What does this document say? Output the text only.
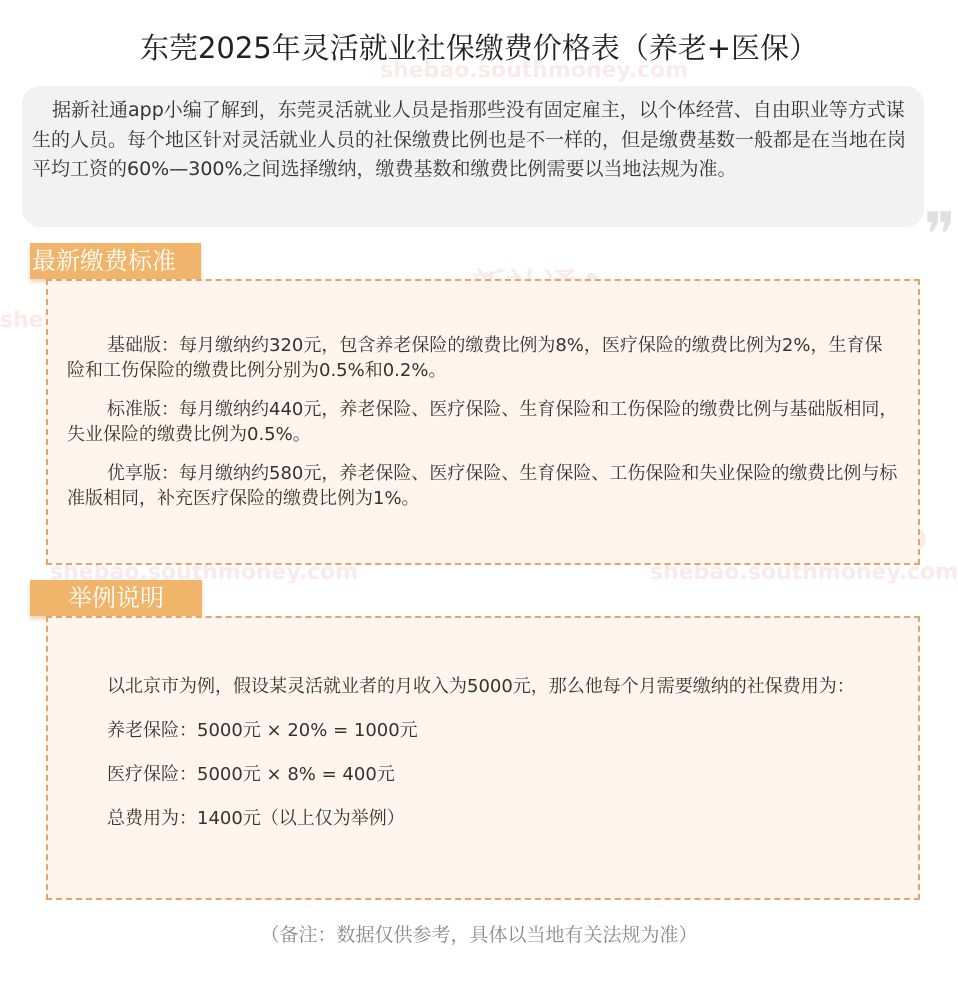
shebao.southmoney.com	shebao.southmoney.com
shebao.southmoney.com
东莞2025年灵活就业社保缴费价格表（养老+医保）

据新社通app小编了解到，东莞灵活就业人员是指那些没有固定雇主，以个体经营、自由职业等方式谋生的人员。每个地区针对灵活就业人员的社保缴费比例也是不一样的，但是缴费基数一般都是在当地在岗平均工资的60%—300%之间选择缴纳，缴费基数和缴费比例需要以当地法规为准。

❞
最新缴费标准

基础版：每月缴纳约320元，包含养老保险的缴费比例为8%，医疗保险的缴费比例为2%，生育保险和工伤保险的缴费比例分别为0.5%和0.2%。

标准版：每月缴纳约440元，养老保险、医疗保险、生育保险和工伤保险的缴费比例与基础版相同，失业保险的缴费比例为0.5%。

优享版：每月缴纳约580元，养老保险、医疗保险、生育保险、工伤保险和失业保险的缴费比例与标准版相同，补充医疗保险的缴费比例为1%。

举例说明

以北京市为例，假设某灵活就业者的月收入为5000元，那么他每个月需要缴纳的社保费用为：

养老保险：5000元 × 20% = 1000元

医疗保险：5000元 × 8% = 400元

总费用为：1400元（以上仅为举例）

（备注：数据仅供参考，具体以当地有关法规为准）
